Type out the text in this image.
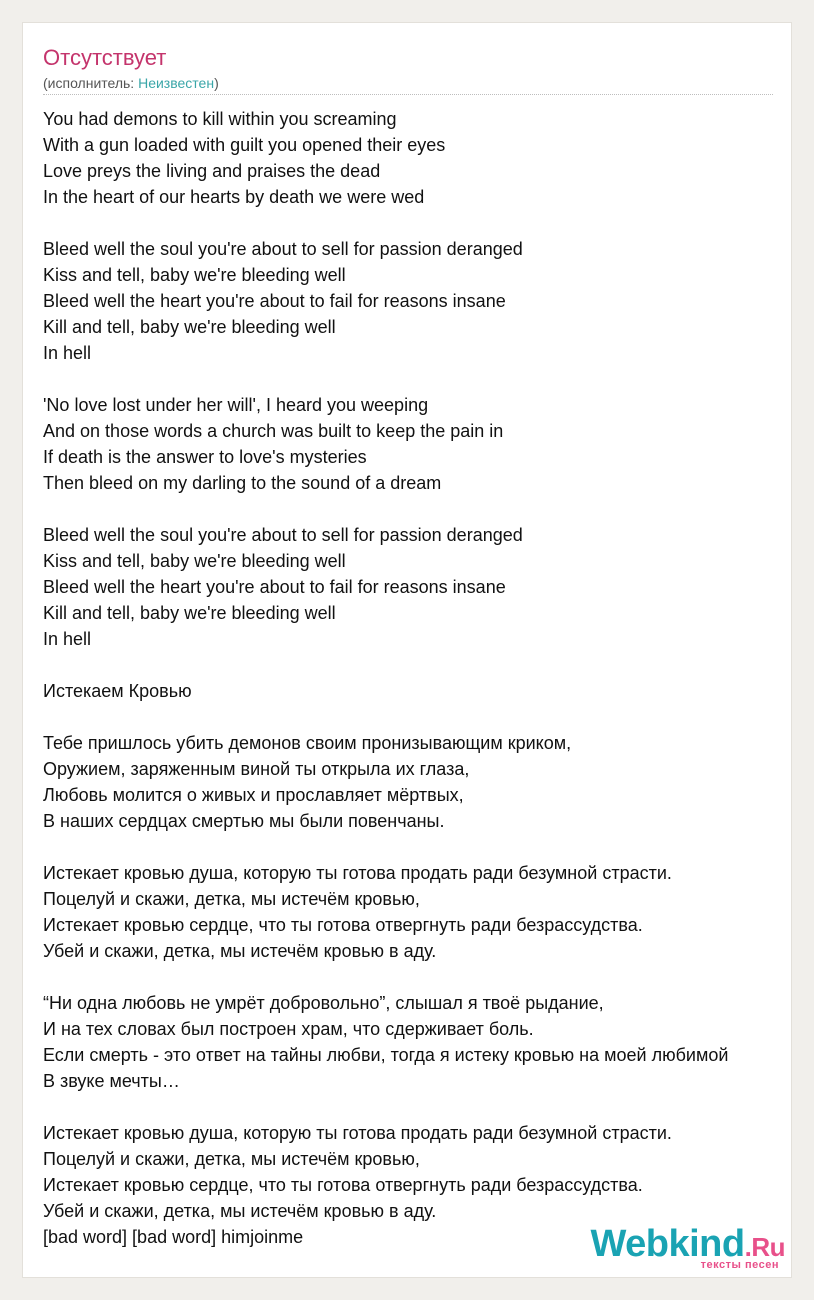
Отсутствует
(исполнитель: Неизвестен)
You had demons to kill within you screaming
With a gun loaded with guilt you opened their eyes
Love preys the living and praises the dead
In the heart of our hearts by death we were wed
Bleed well the soul you're about to sell for passion deranged
Kiss and tell, baby we're bleeding well
Bleed well the heart you're about to fail for reasons insane
Kill and tell, baby we're bleeding well
In hell
'No love lost under her will', I heard you weeping
And on those words a church was built to keep the pain in
If death is the answer to love's mysteries
Then bleed on my darling to the sound of a dream
Bleed well the soul you're about to sell for passion deranged
Kiss and tell, baby we're bleeding well
Bleed well the heart you're about to fail for reasons insane
Kill and tell, baby we're bleeding well
In hell
Истекаем Кровью
Тебе пришлось убить демонов своим пронизывающим криком,
Оружием, заряженным виной ты открыла их глаза,
Любовь молится о живых и прославляет мёртвых,
В наших сердцах смертью мы были повенчаны.
Истекает кровью душа, которую ты готова продать ради безумной страсти.
Поцелуй и скажи, детка, мы истечём кровью,
Истекает кровью сердце, что ты готова отвергнуть ради безрассудства.
Убей и скажи, детка, мы истечём кровью в аду.
“Ни одна любовь не умрёт добровольно”, слышал я твоё рыдание,
И на тех словах был построен храм, что сдерживает боль.
Если смерть - это ответ на тайны любви, тогда я истеку кровью на моей любимой
В звуке мечты…
Истекает кровью душа, которую ты готова продать ради безумной страсти.
Поцелуй и скажи, детка, мы истечём кровью,
Истекает кровью сердце, что ты готова отвергнуть ради безрассудства.
Убей и скажи, детка, мы истечём кровью в аду.
[bad word] [bad word] himjoinme	Webkind.Ru
тексты песен
